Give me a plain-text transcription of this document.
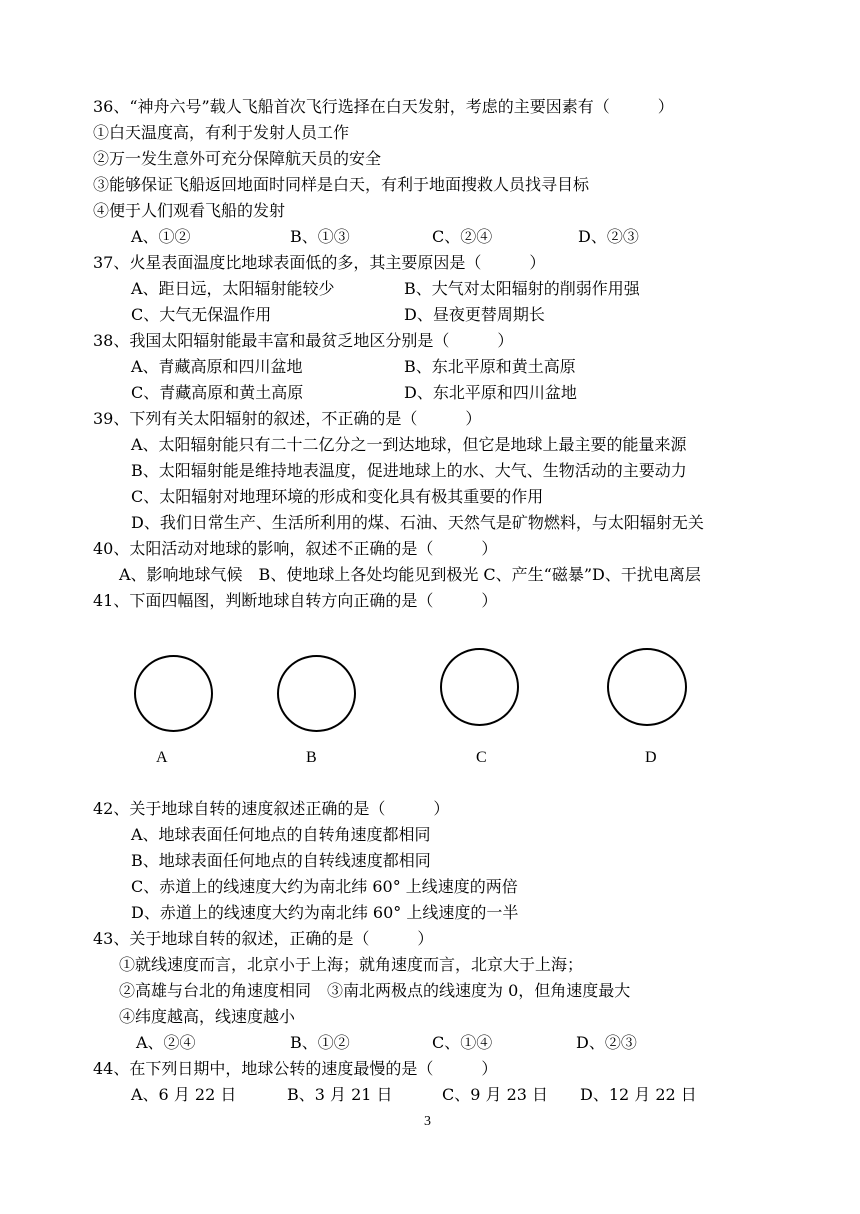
36、“神舟六号”载人飞船首次飞行选择在白天发射，考虑的主要因素有（　　　）
①白天温度高，有利于发射人员工作
②万一发生意外可充分保障航天员的安全
③能够保证飞船返回地面时同样是白天，有利于地面搜救人员找寻目标
④便于人们观看飞船的发射
A、①②	B、①③	C、②④	D、②③
37、火星表面温度比地球表面低的多，其主要原因是（　　　）
A、距日远，太阳辐射能较少	B、大气对太阳辐射的削弱作用强
C、大气无保温作用	D、昼夜更替周期长
38、我国太阳辐射能最丰富和最贫乏地区分别是（　　　）
A、青藏高原和四川盆地	B、东北平原和黄土高原
C、青藏高原和黄土高原	D、东北平原和四川盆地
39、下列有关太阳辐射的叙述，不正确的是（　　　）
A、太阳辐射能只有二十二亿分之一到达地球，但它是地球上最主要的能量来源
B、太阳辐射能是维持地表温度，促进地球上的水、大气、生物活动的主要动力
C、太阳辐射对地理环境的形成和变化具有极其重要的作用
D、我们日常生产、生活所利用的煤、石油、天然气是矿物燃料，与太阳辐射无关
40、太阳活动对地球的影响，叙述不正确的是（　　　）
A、影响地球气候　B、使地球上各处均能见到极光 C、产生“磁暴”D、干扰电离层
41、下面四幅图，判断地球自转方向正确的是（　　　）
A	B	C	D
42、关于地球自转的速度叙述正确的是（　　　）
A、地球表面任何地点的自转角速度都相同
B、地球表面任何地点的自转线速度都相同
C、赤道上的线速度大约为南北纬 60° 上线速度的两倍
D、赤道上的线速度大约为南北纬 60° 上线速度的一半
43、关于地球自转的叙述，正确的是（　　　）
①就线速度而言，北京小于上海；就角速度而言，北京大于上海；
②高雄与台北的角速度相同　③南北两极点的线速度为 0，但角速度最大
④纬度越高，线速度越小
A、②④	B、①②	C、①④	D、②③
44、在下列日期中，地球公转的速度最慢的是（　　　）
A、6 月 22 日	B、3 月 21 日	C、9 月 23 日 D、12 月 22 日
3
